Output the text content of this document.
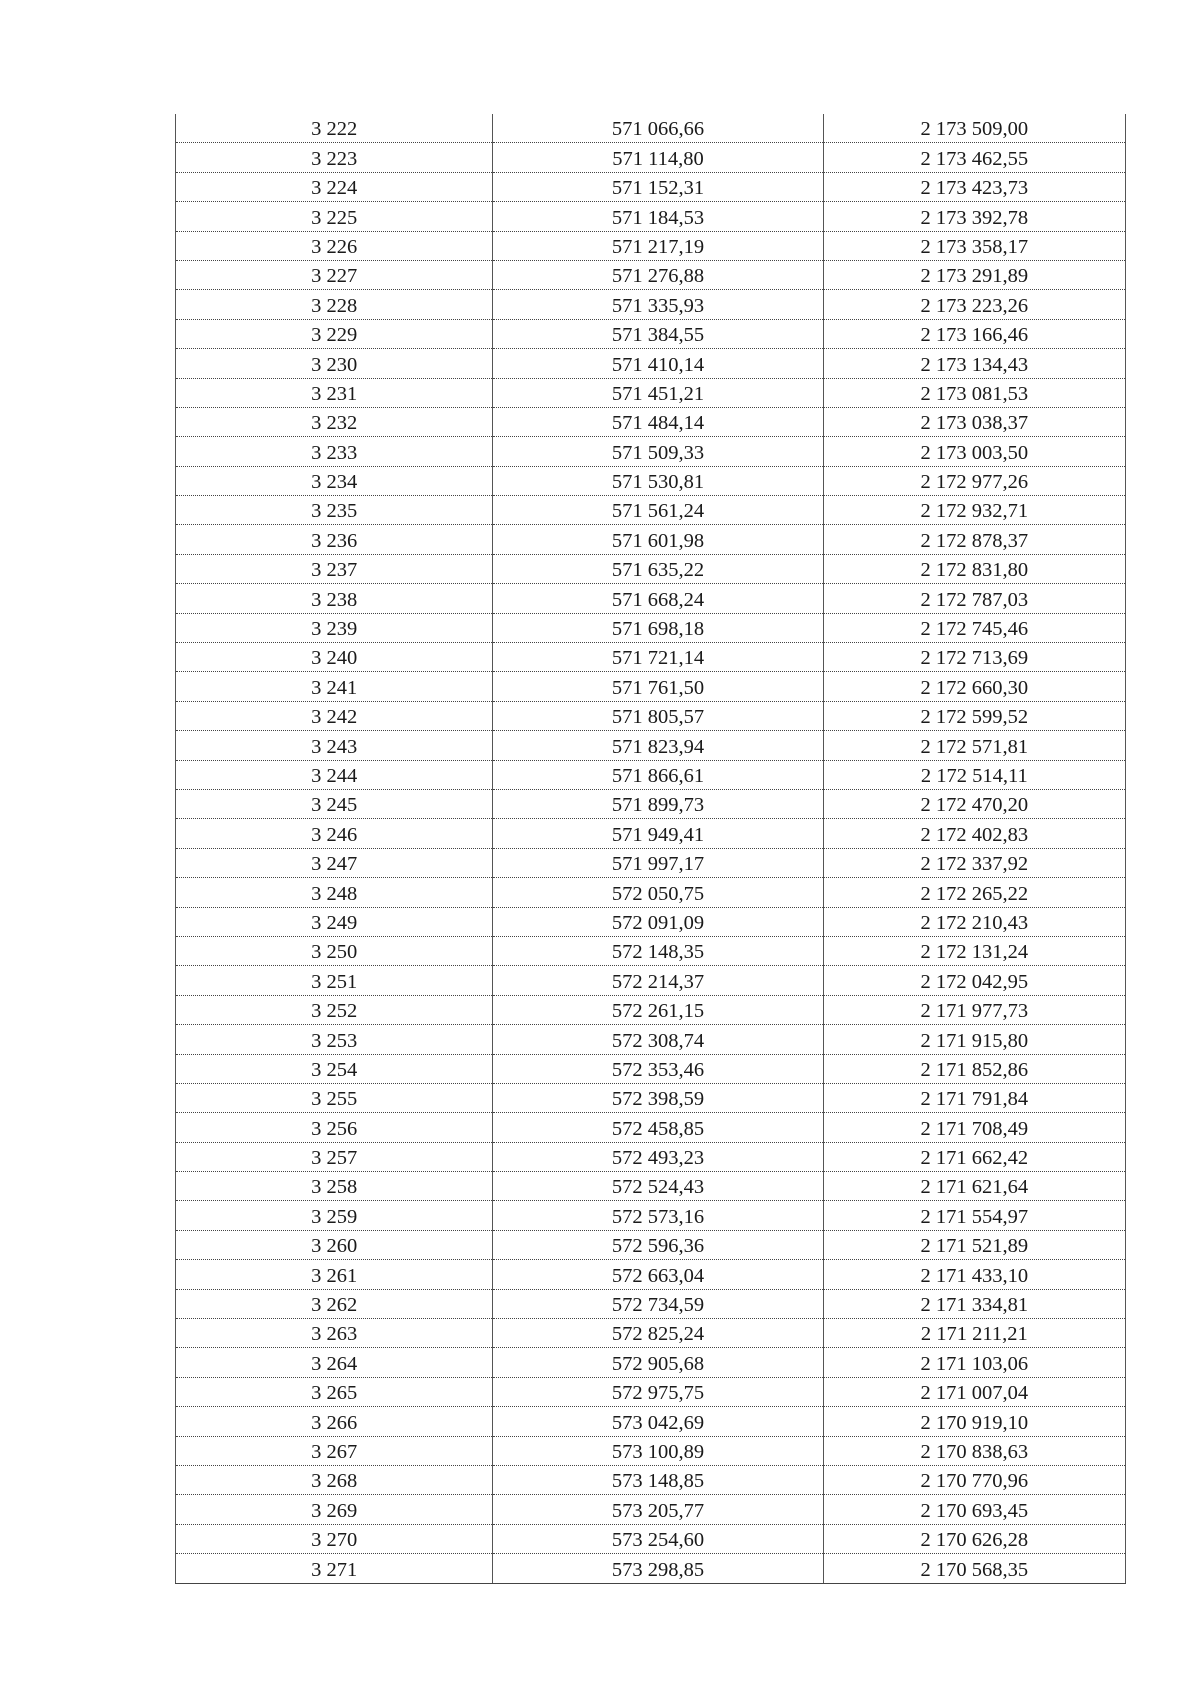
3 222	571 066,66	2 173 509,00
3 223	571 114,80	2 173 462,55
3 224	571 152,31	2 173 423,73
3 225	571 184,53	2 173 392,78
3 226	571 217,19	2 173 358,17
3 227	571 276,88	2 173 291,89
3 228	571 335,93	2 173 223,26
3 229	571 384,55	2 173 166,46
3 230	571 410,14	2 173 134,43
3 231	571 451,21	2 173 081,53
3 232	571 484,14	2 173 038,37
3 233	571 509,33	2 173 003,50
3 234	571 530,81	2 172 977,26
3 235	571 561,24	2 172 932,71
3 236	571 601,98	2 172 878,37
3 237	571 635,22	2 172 831,80
3 238	571 668,24	2 172 787,03
3 239	571 698,18	2 172 745,46
3 240	571 721,14	2 172 713,69
3 241	571 761,50	2 172 660,30
3 242	571 805,57	2 172 599,52
3 243	571 823,94	2 172 571,81
3 244	571 866,61	2 172 514,11
3 245	571 899,73	2 172 470,20
3 246	571 949,41	2 172 402,83
3 247	571 997,17	2 172 337,92
3 248	572 050,75	2 172 265,22
3 249	572 091,09	2 172 210,43
3 250	572 148,35	2 172 131,24
3 251	572 214,37	2 172 042,95
3 252	572 261,15	2 171 977,73
3 253	572 308,74	2 171 915,80
3 254	572 353,46	2 171 852,86
3 255	572 398,59	2 171 791,84
3 256	572 458,85	2 171 708,49
3 257	572 493,23	2 171 662,42
3 258	572 524,43	2 171 621,64
3 259	572 573,16	2 171 554,97
3 260	572 596,36	2 171 521,89
3 261	572 663,04	2 171 433,10
3 262	572 734,59	2 171 334,81
3 263	572 825,24	2 171 211,21
3 264	572 905,68	2 171 103,06
3 265	572 975,75	2 171 007,04
3 266	573 042,69	2 170 919,10
3 267	573 100,89	2 170 838,63
3 268	573 148,85	2 170 770,96
3 269	573 205,77	2 170 693,45
3 270	573 254,60	2 170 626,28
3 271	573 298,85	2 170 568,35
